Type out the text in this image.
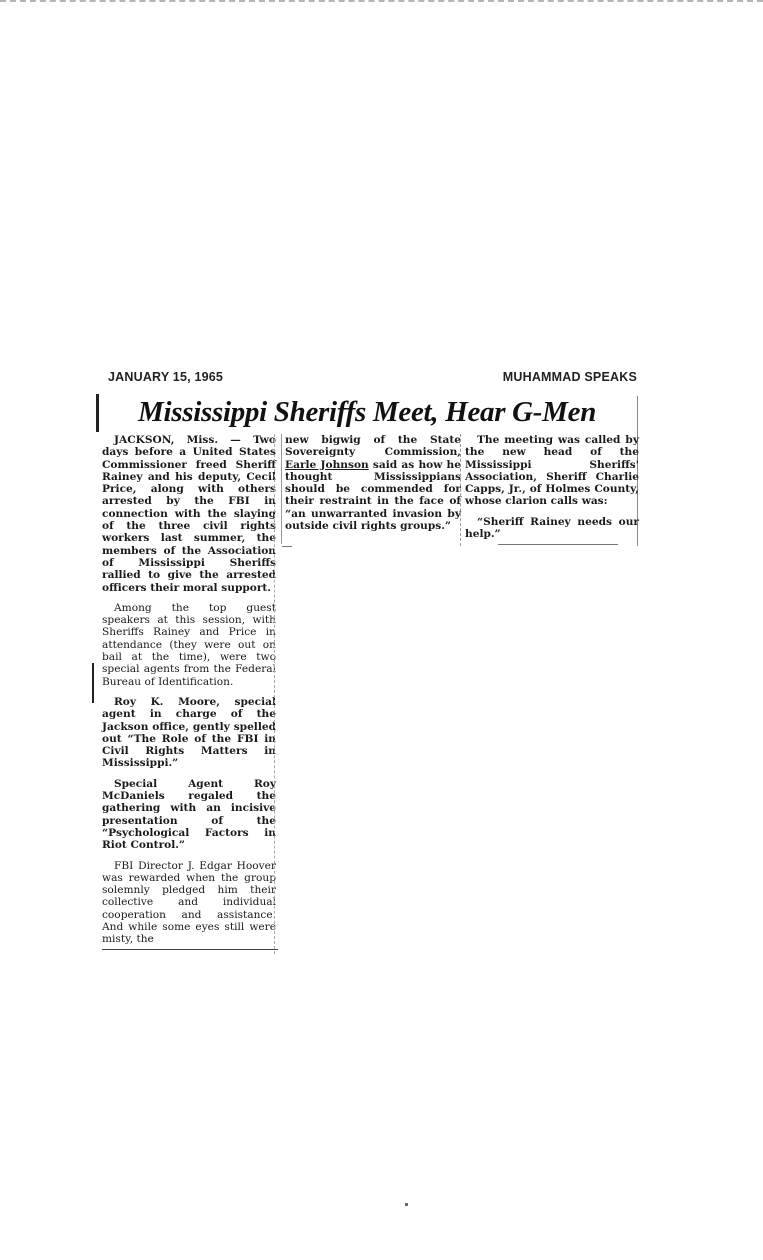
JANUARY 15, 1965	MUHAMMAD SPEAKS
Mississippi Sheriffs Meet, Hear G-Men

JACKSON, Miss. — Two days before a United States Commissioner freed Sheriff Rainey and his deputy, Cecil Price, along with others arrested by the FBI in connection with the slaying of the three civil rights workers last summer, the members of the Association of Mississippi Sheriffs rallied to give the arrested officers their moral support.

Among the top guest speakers at this session, with Sheriffs Rainey and Price in attendance (they were out on bail at the time), were two special agents from the Federal Bureau of Identification.

Roy K. Moore, special agent in charge of the Jackson office, gently spelled out “The Role of the FBI in Civil Rights Matters in Mississippi.”

Special Agent Roy McDaniels regaled the gathering with an incisive presentation of the “Psychological Factors in Riot Control.”

FBI Director J. Edgar Hoover was rewarded when the group solemnly pledged him their collective and individual cooperation and assistance. And while some eyes still were misty, the

new bigwig of the State Sovereignty Commission, Earle Johnson said as how he thought Mississippians should be commended for their restraint in the face of “an unwarranted invasion by outside civil rights groups.”

The meeting was called by the new head of the Mississippi Sheriffs' Association, Sheriff Charlie Capps, Jr., of Holmes County, whose clarion calls was:

“Sheriff Rainey needs our help.”
